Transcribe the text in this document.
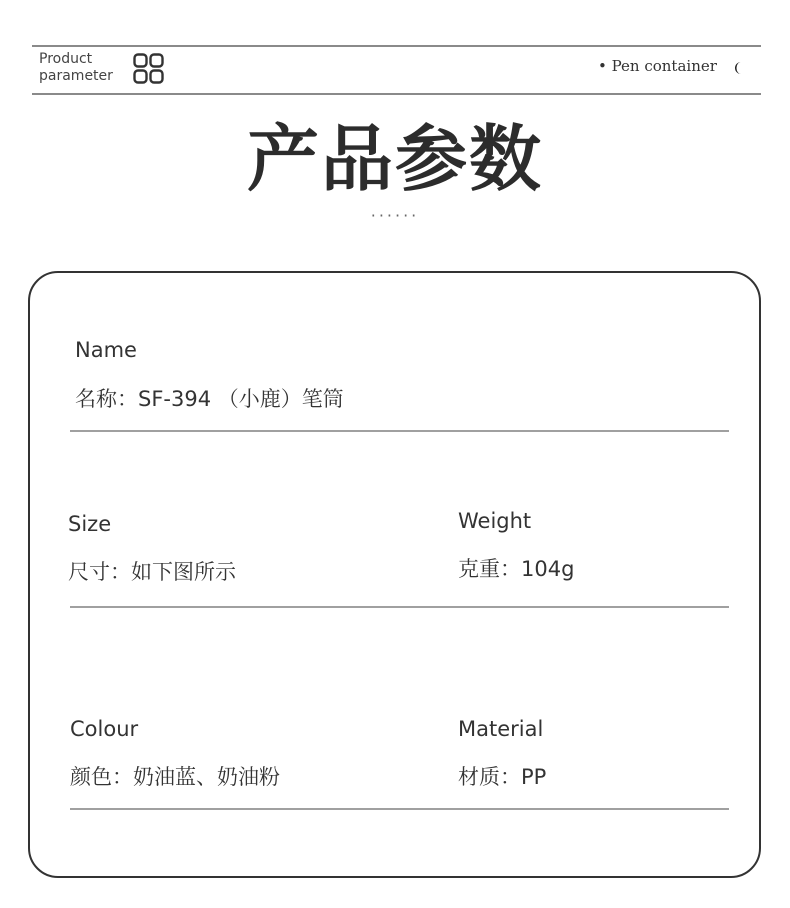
Product
parameter
• Pen container
产品参数
······
Name
名称：SF-394 （小鹿）笔筒
Size
尺寸：如下图所示
Weight
克重：104g
Colour
颜色：奶油蓝、奶油粉
Material
材质：PP
